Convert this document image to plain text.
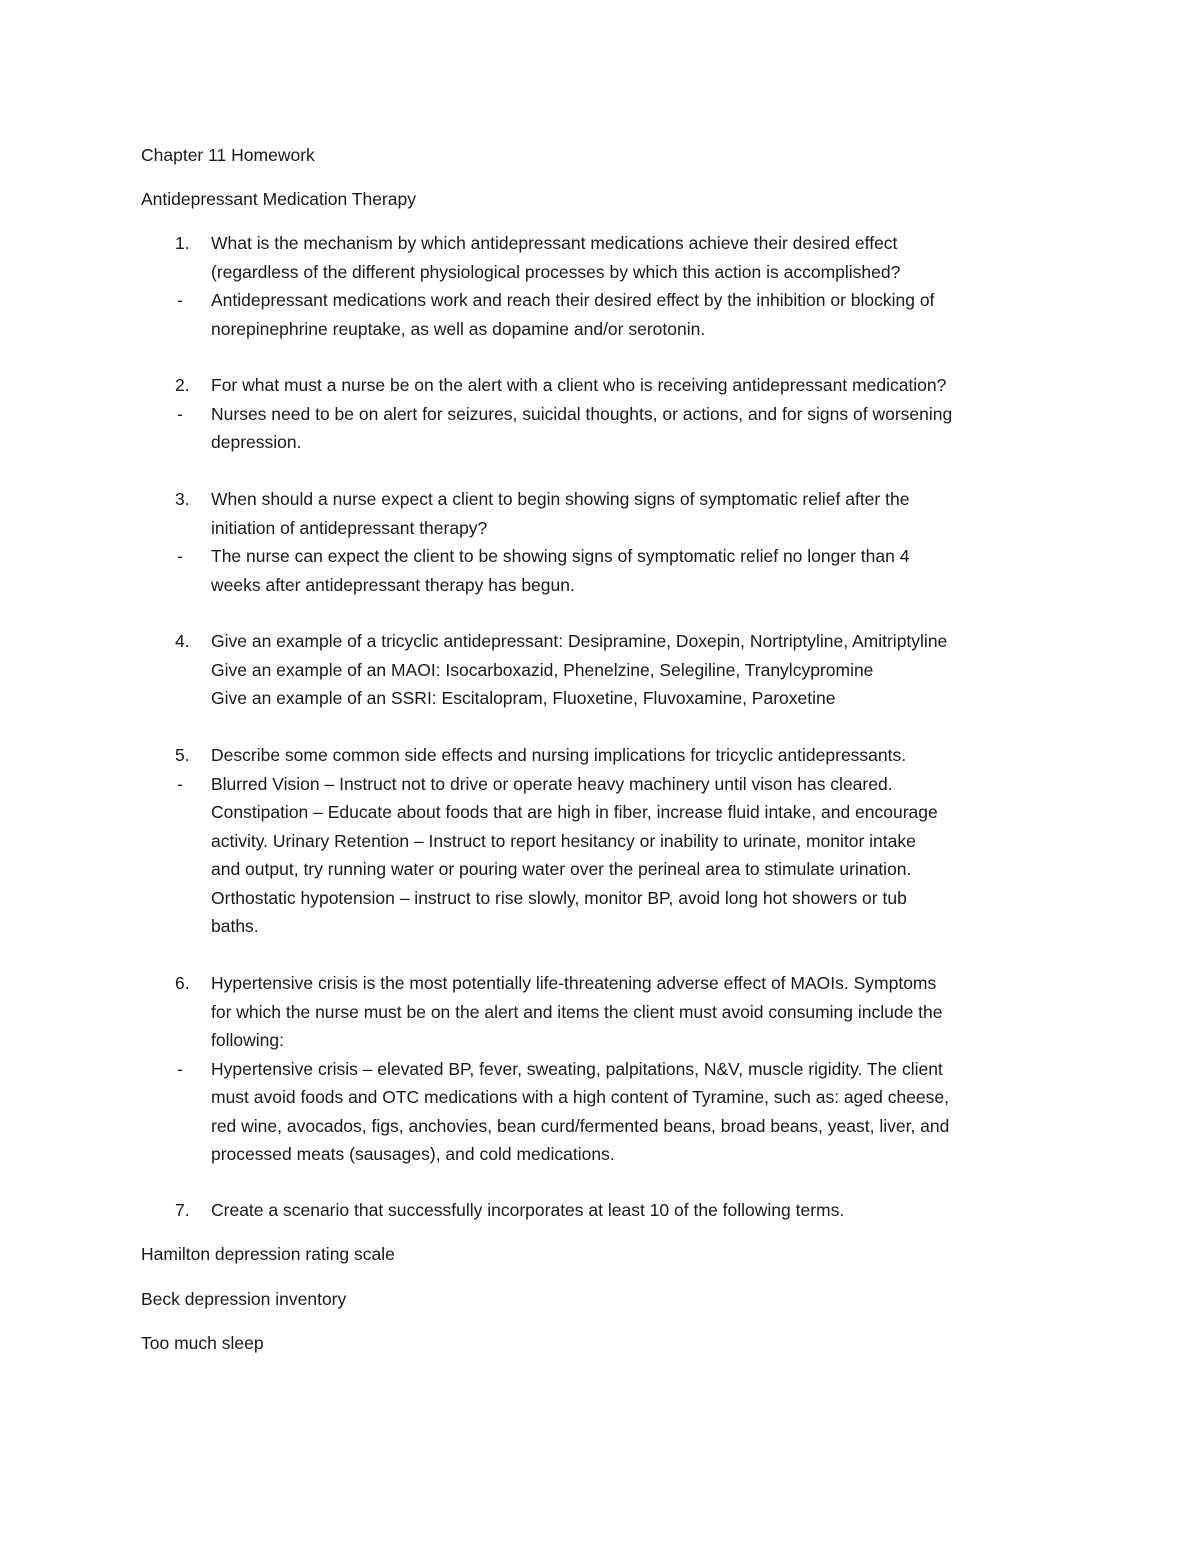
Chapter 11 Homework
Antidepressant Medication Therapy
1. What is the mechanism by which antidepressant medications achieve their desired effect
(regardless of the different physiological processes by which this action is accomplished?
- Antidepressant medications work and reach their desired effect by the inhibition or blocking of
norepinephrine reuptake, as well as dopamine and/or serotonin.
2. For what must a nurse be on the alert with a client who is receiving antidepressant medication?
- Nurses need to be on alert for seizures, suicidal thoughts, or actions, and for signs of worsening
depression.
3. When should a nurse expect a client to begin showing signs of symptomatic relief after the
initiation of antidepressant therapy?
- The nurse can expect the client to be showing signs of symptomatic relief no longer than 4
weeks after antidepressant therapy has begun.
4. Give an example of a tricyclic antidepressant: Desipramine, Doxepin, Nortriptyline, Amitriptyline
Give an example of an MAOI: Isocarboxazid, Phenelzine, Selegiline, Tranylcypromine
Give an example of an SSRI: Escitalopram, Fluoxetine, Fluvoxamine, Paroxetine
5. Describe some common side effects and nursing implications for tricyclic antidepressants.
- Blurred Vision – Instruct not to drive or operate heavy machinery until vison has cleared.
Constipation – Educate about foods that are high in fiber, increase fluid intake, and encourage
activity. Urinary Retention – Instruct to report hesitancy or inability to urinate, monitor intake
and output, try running water or pouring water over the perineal area to stimulate urination.
Orthostatic hypotension – instruct to rise slowly, monitor BP, avoid long hot showers or tub
baths.
6. Hypertensive crisis is the most potentially life-threatening adverse effect of MAOIs. Symptoms
for which the nurse must be on the alert and items the client must avoid consuming include the
following:
- Hypertensive crisis – elevated BP, fever, sweating, palpitations, N&V, muscle rigidity. The client
must avoid foods and OTC medications with a high content of Tyramine, such as: aged cheese,
red wine, avocados, figs, anchovies, bean curd/fermented beans, broad beans, yeast, liver, and
processed meats (sausages), and cold medications.
7. Create a scenario that successfully incorporates at least 10 of the following terms.
Hamilton depression rating scale
Beck depression inventory
Too much sleep
